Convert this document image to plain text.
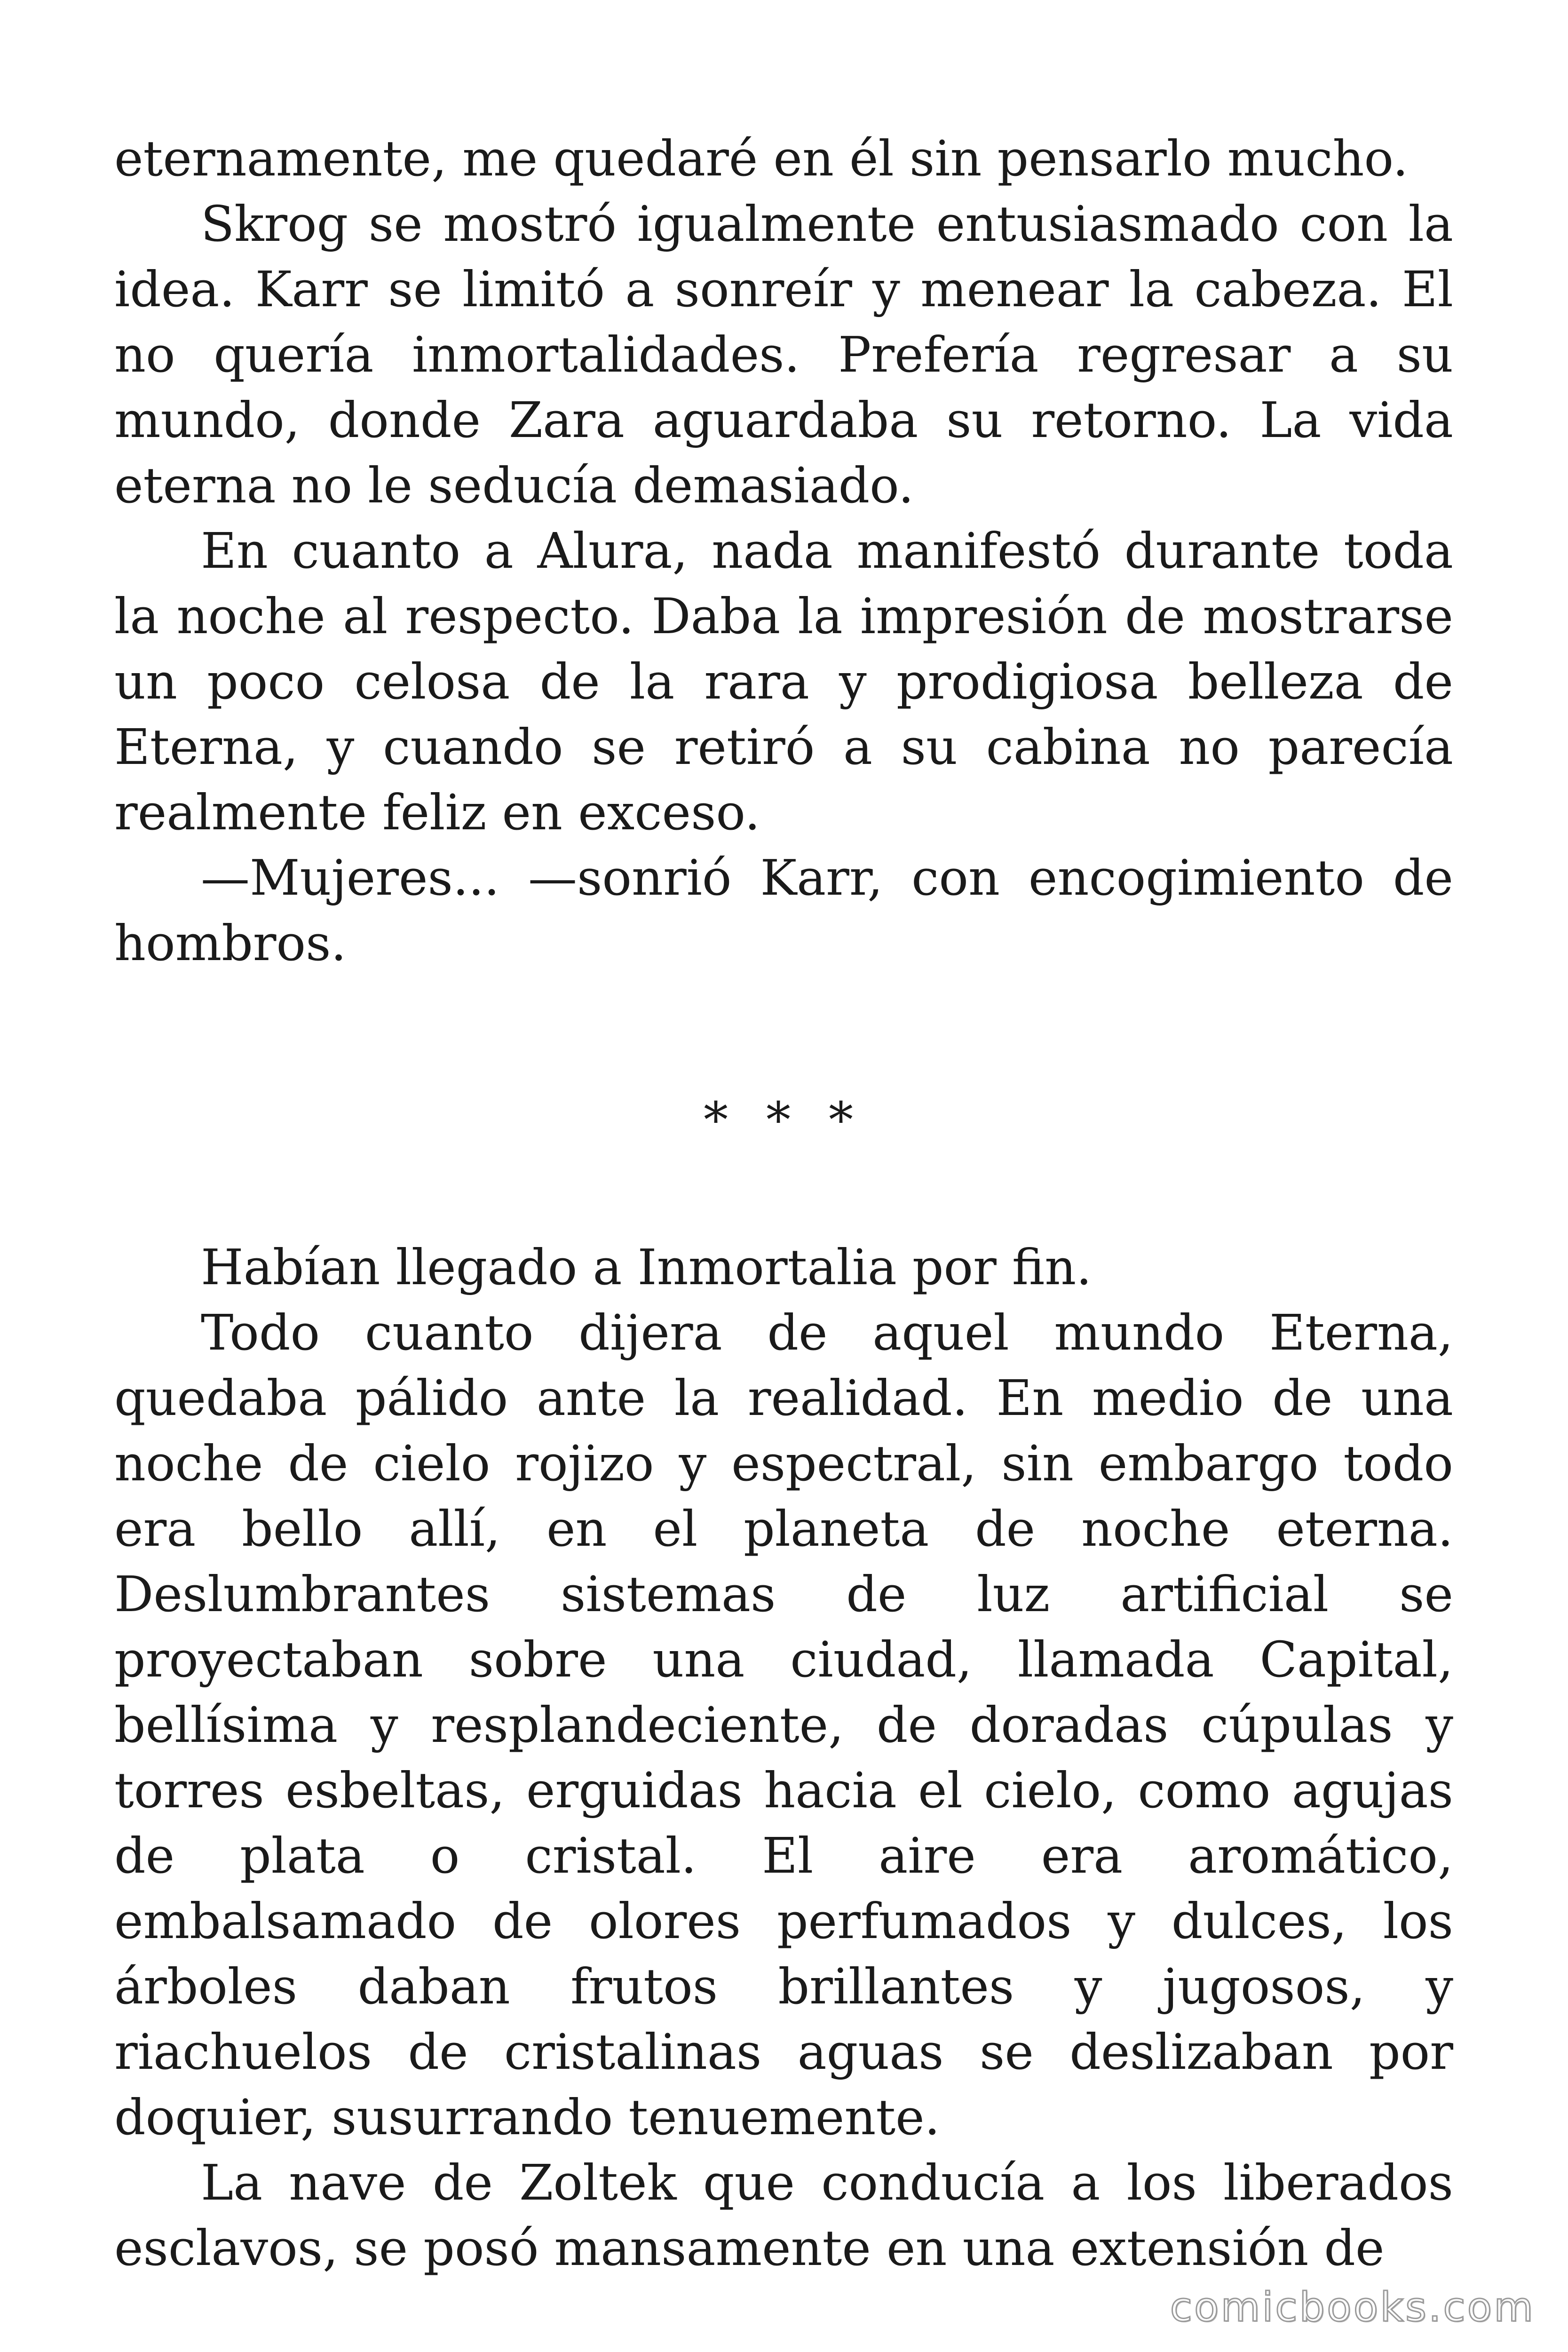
eternamente, me quedaré en él sin pensarlo mucho.

Skrog se mostró igualmente entusiasmado con la idea. Karr se limitó a sonreír y menear la cabeza. El no quería inmortalidades. Prefería regresar a su mundo, donde Zara aguardaba su retorno. La vida eterna no le seducía demasiado.

En cuanto a Alura, nada manifestó durante toda la noche al respecto. Daba la impresión de mostrarse un poco celosa de la rara y prodigiosa belleza de Eterna, y cuando se retiró a su cabina no parecía realmente feliz en exceso.

—Mujeres... —sonrió Karr, con encogimiento de hombros.

* * *

Habían llegado a Inmortalia por fin.

Todo cuanto dijera de aquel mundo Eterna, quedaba pálido ante la realidad. En medio de una noche de cielo rojizo y espectral, sin embargo todo era bello allí, en el planeta de noche eterna. Deslumbrantes sistemas de luz artificial se proyectaban sobre una ciudad, llamada Capital, bellísima y resplandeciente, de doradas cúpulas y torres esbeltas, erguidas hacia el cielo, como agujas de plata o cristal. El aire era aromático, embalsamado de olores perfumados y dulces, los árboles daban frutos brillantes y jugosos, y riachuelos de cristalinas aguas se deslizaban por doquier, susurrando tenuemente.

La nave de Zoltek que conducía a los liberados esclavos, se posó mansamente en una extensión de

comicbooks.com
